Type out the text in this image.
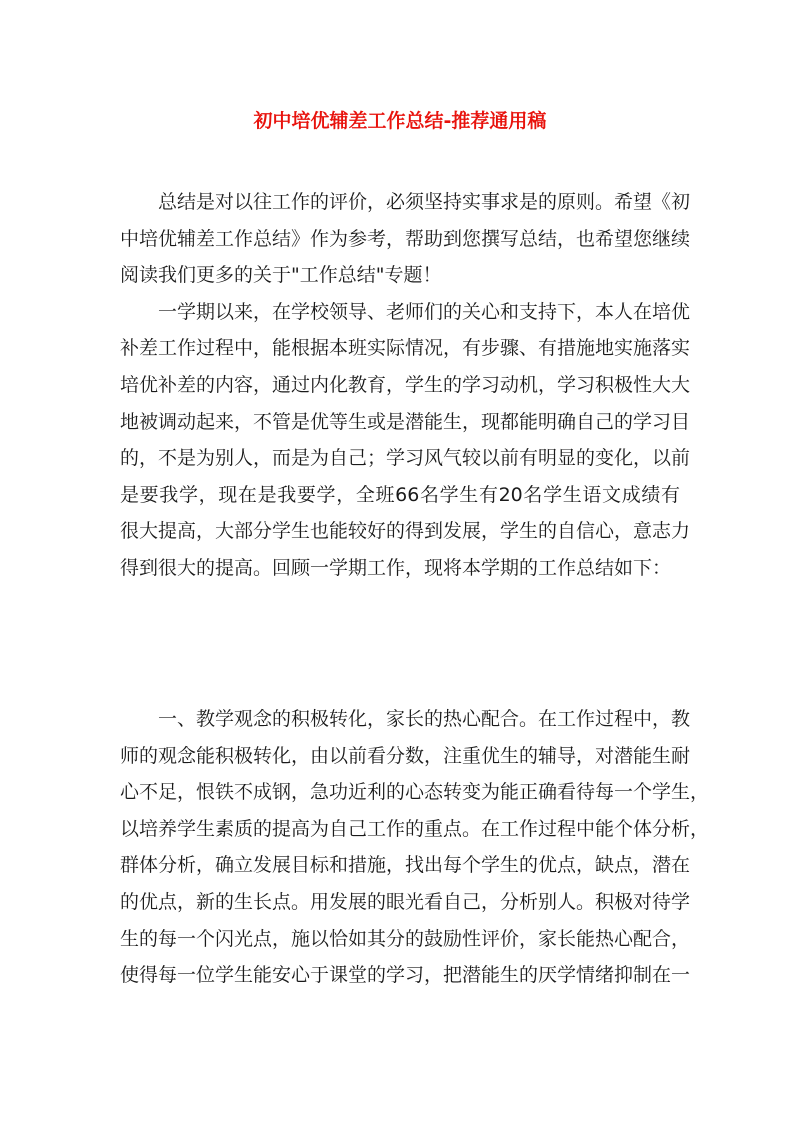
初中培优辅差工作总结-推荐通用稿

总结是对以往工作的评价，必须坚持实事求是的原则。希望《初
中培优辅差工作总结》作为参考，帮助到您撰写总结，也希望您继续
阅读我们更多的关于"工作总结"专题！

一学期以来，在学校领导、老师们的关心和支持下，本人在培优
补差工作过程中，能根据本班实际情况，有步骤、有措施地实施落实
培优补差的内容，通过内化教育，学生的学习动机，学习积极性大大
地被调动起来，不管是优等生或是潜能生，现都能明确自己的学习目
的，不是为别人，而是为自己；学习风气较以前有明显的变化，以前
是要我学，现在是我要学，全班66名学生有20名学生语文成绩有
很大提高，大部分学生也能较好的得到发展，学生的自信心，意志力
得到很大的提高。回顾一学期工作，现将本学期的工作总结如下：

一、教学观念的积极转化，家长的热心配合。在工作过程中，教
师的观念能积极转化，由以前看分数，注重优生的辅导，对潜能生耐
心不足，恨铁不成钢，急功近利的心态转变为能正确看待每一个学生，
以培养学生素质的提高为自己工作的重点。在工作过程中能个体分析，
群体分析，确立发展目标和措施，找出每个学生的优点，缺点，潜在
的优点，新的生长点。用发展的眼光看自己，分析别人。积极对待学
生的每一个闪光点，施以恰如其分的鼓励性评价，家长能热心配合，
使得每一位学生能安心于课堂的学习，把潜能生的厌学情绪抑制在一
